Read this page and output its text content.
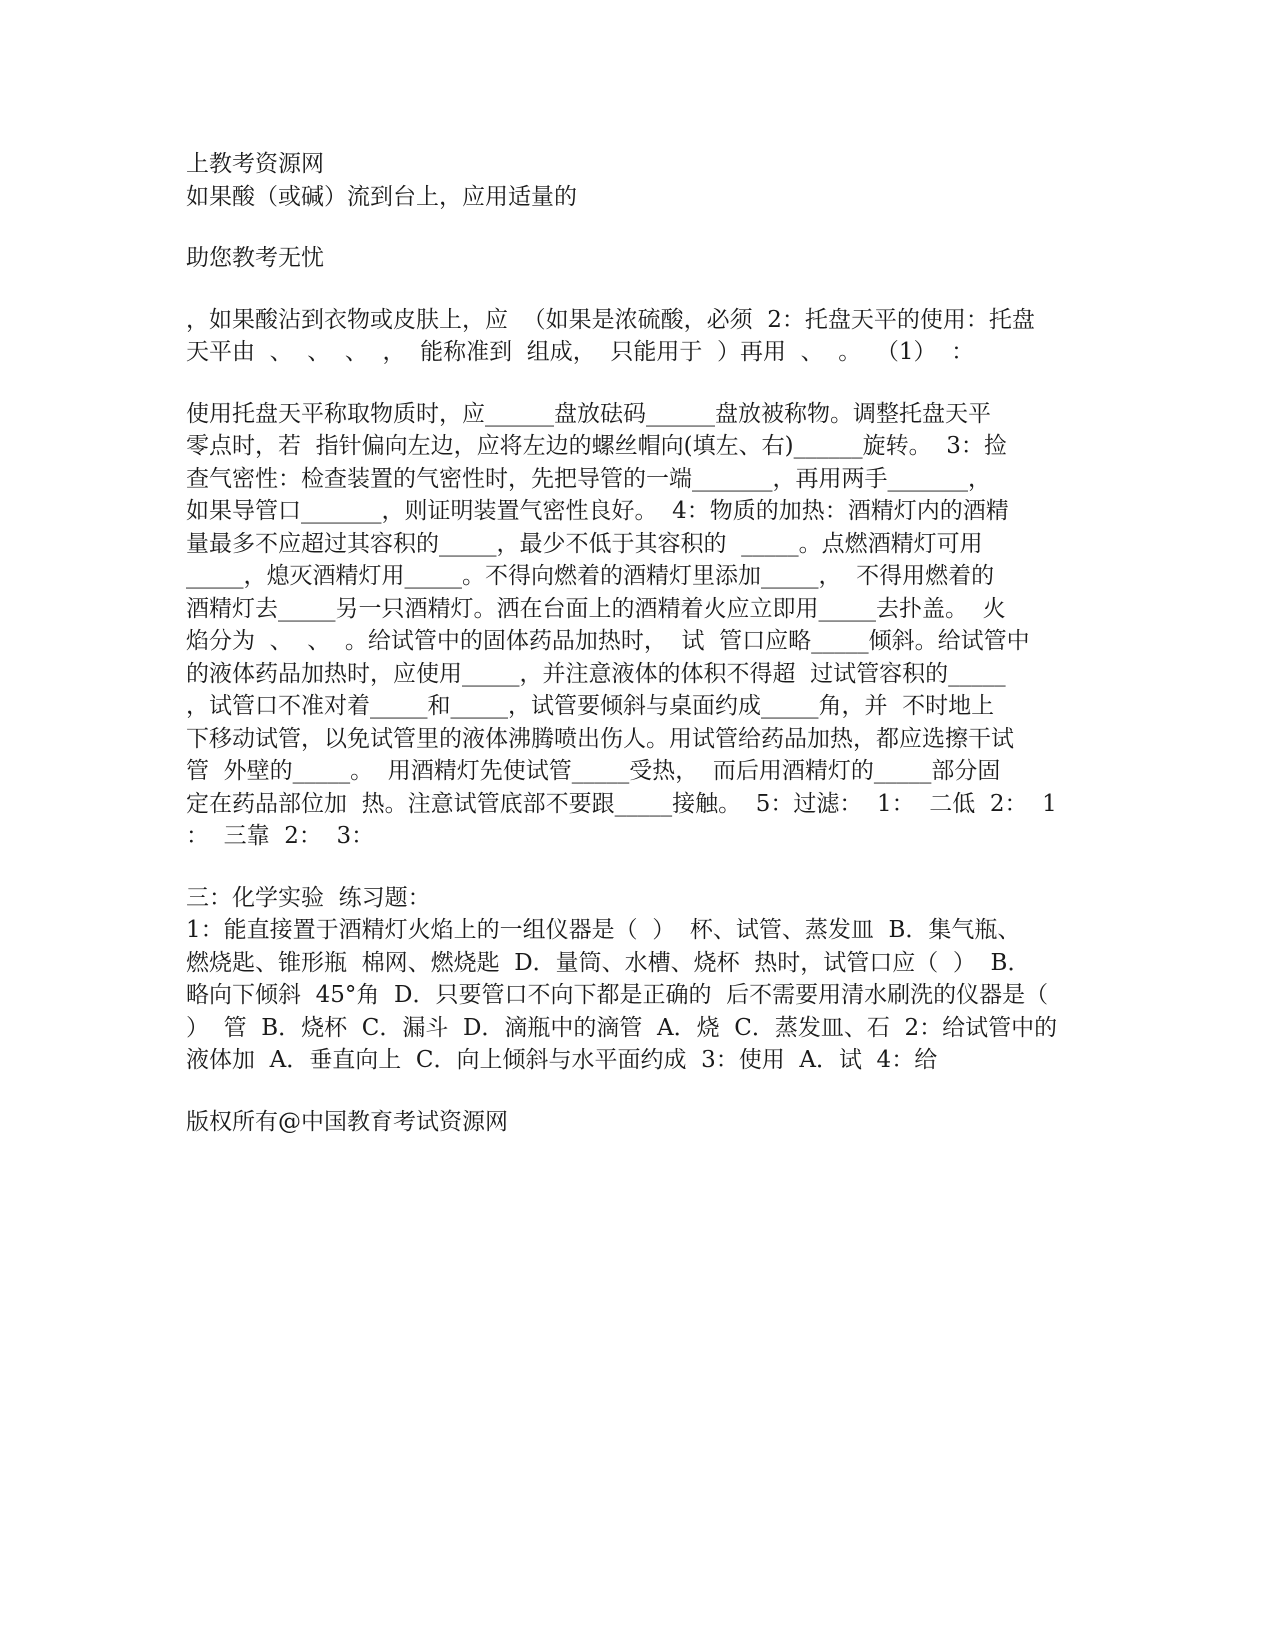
上教考资源网
如果酸（或碱）流到台上，应用适量的
助您教考无忧
，如果酸沾到衣物或皮肤上，应  （如果是浓硫酸，必须  2：托盘天平的使用：托盘
天平由  、  、  、  ，  能称准到  组成，  只能用于  ）再用  、  。  （1）  ：
使用托盘天平称取物质时，应______盘放砝码______盘放被称物。调整托盘天平
零点时，若  指针偏向左边，应将左边的螺丝帽向(填左、右)______旋转。  3：捡
查气密性：检查装置的气密性时，先把导管的一端_______，再用两手_______，
如果导管口_______，则证明装置气密性良好。  4：物质的加热：酒精灯内的酒精
量最多不应超过其容积的_____，最少不低于其容积的  _____。点燃酒精灯可用
_____，熄灭酒精灯用_____。不得向燃着的酒精灯里添加_____，  不得用燃着的
酒精灯去_____另一只酒精灯。洒在台面上的酒精着火应立即用_____去扑盖。  火
焰分为  、  、  。给试管中的固体药品加热时，  试  管口应略_____倾斜。给试管中
的液体药品加热时，应使用_____，并注意液体的体积不得超  过试管容积的_____
，试管口不准对着_____和_____，试管要倾斜与桌面约成_____角，并  不时地上
下移动试管，以免试管里的液体沸腾喷出伤人。用试管给药品加热，都应选擦干试
管  外壁的_____。  用酒精灯先使试管_____受热，  而后用酒精灯的_____部分固
定在药品部位加  热。注意试管底部不要跟_____接触。  5：过滤：  1：  二低  2：  1
：  三靠  2：  3：
三：化学实验  练习题：
1：能直接置于酒精灯火焰上的一组仪器是（  ）  杯、试管、蒸发皿  B．集气瓶、
燃烧匙、锥形瓶  棉网、燃烧匙  D．量筒、水槽、烧杯  热时，试管口应（  ）  B．
略向下倾斜  45°角  D．只要管口不向下都是正确的  后不需要用清水刷洗的仪器是（
）  管  B．烧杯  C．漏斗  D．滴瓶中的滴管  A．烧  C．蒸发皿、石  2：给试管中的
液体加  A．垂直向上  C．向上倾斜与水平面约成  3：使用  A．试  4：给
版权所有@中国教育考试资源网
